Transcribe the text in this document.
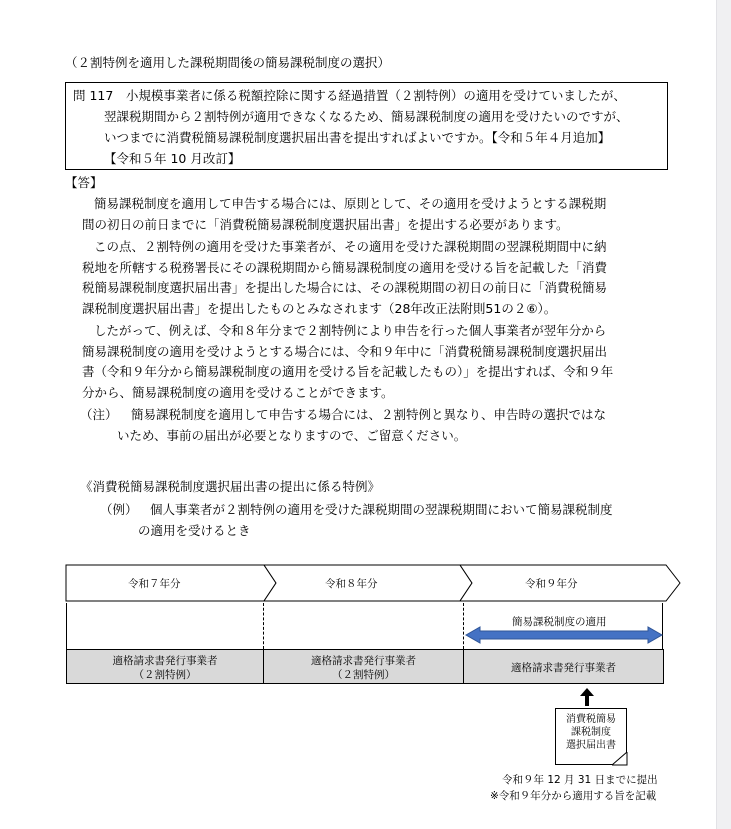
（２割特例を適用した課税期間後の簡易課税制度の選択）
問 117　小規模事業者に係る税額控除に関する経過措置（２割特例）の適用を受けていましたが、
翌課税期間から２割特例が適用できなくなるため、簡易課税制度の適用を受けたいのですが、
いつまでに消費税簡易課税制度選択届出書を提出すればよいですか。【令和５年４月追加】
【令和５年 10 月改訂】
【答】
簡易課税制度を適用して申告する場合には、原則として、その適用を受けようとする課税期
間の初日の前日までに「消費税簡易課税制度選択届出書」を提出する必要があります。
この点、２割特例の適用を受けた事業者が、その適用を受けた課税期間の翌課税期間中に納
税地を所轄する税務署長にその課税期間から簡易課税制度の適用を受ける旨を記載した「消費
税簡易課税制度選択届出書」を提出した場合には、その課税期間の初日の前日に「消費税簡易
課税制度選択届出書」を提出したものとみなされます（28年改正法附則51の２⑥）。
したがって、例えば、令和８年分まで２割特例により申告を行った個人事業者が翌年分から
簡易課税制度の適用を受けようとする場合には、令和９年中に「消費税簡易課税制度選択届出
書（令和９年分から簡易課税制度の適用を受ける旨を記載したもの）」を提出すれば、令和９年
分から、簡易課税制度の適用を受けることができます。
（注） 簡易課税制度を適用して申告する場合には、２割特例と異なり、申告時の選択ではな
いため、事前の届出が必要となりますので、ご留意ください。
《消費税簡易課税制度選択届出書の提出に係る特例》
（例） 個人事業者が２割特例の適用を受けた課税期間の翌課税期間において簡易課税制度
の適用を受けるとき
令和７年分	令和８年分	令和９年分
簡易課税制度の適用
適格請求書発行事業者
（２割特例）
適格請求書発行事業者
（２割特例）
適格請求書発行事業者
消費税簡易
課税制度
選択届出書
令和９年 12 月 31 日までに提出
※令和９年分から適用する旨を記載
